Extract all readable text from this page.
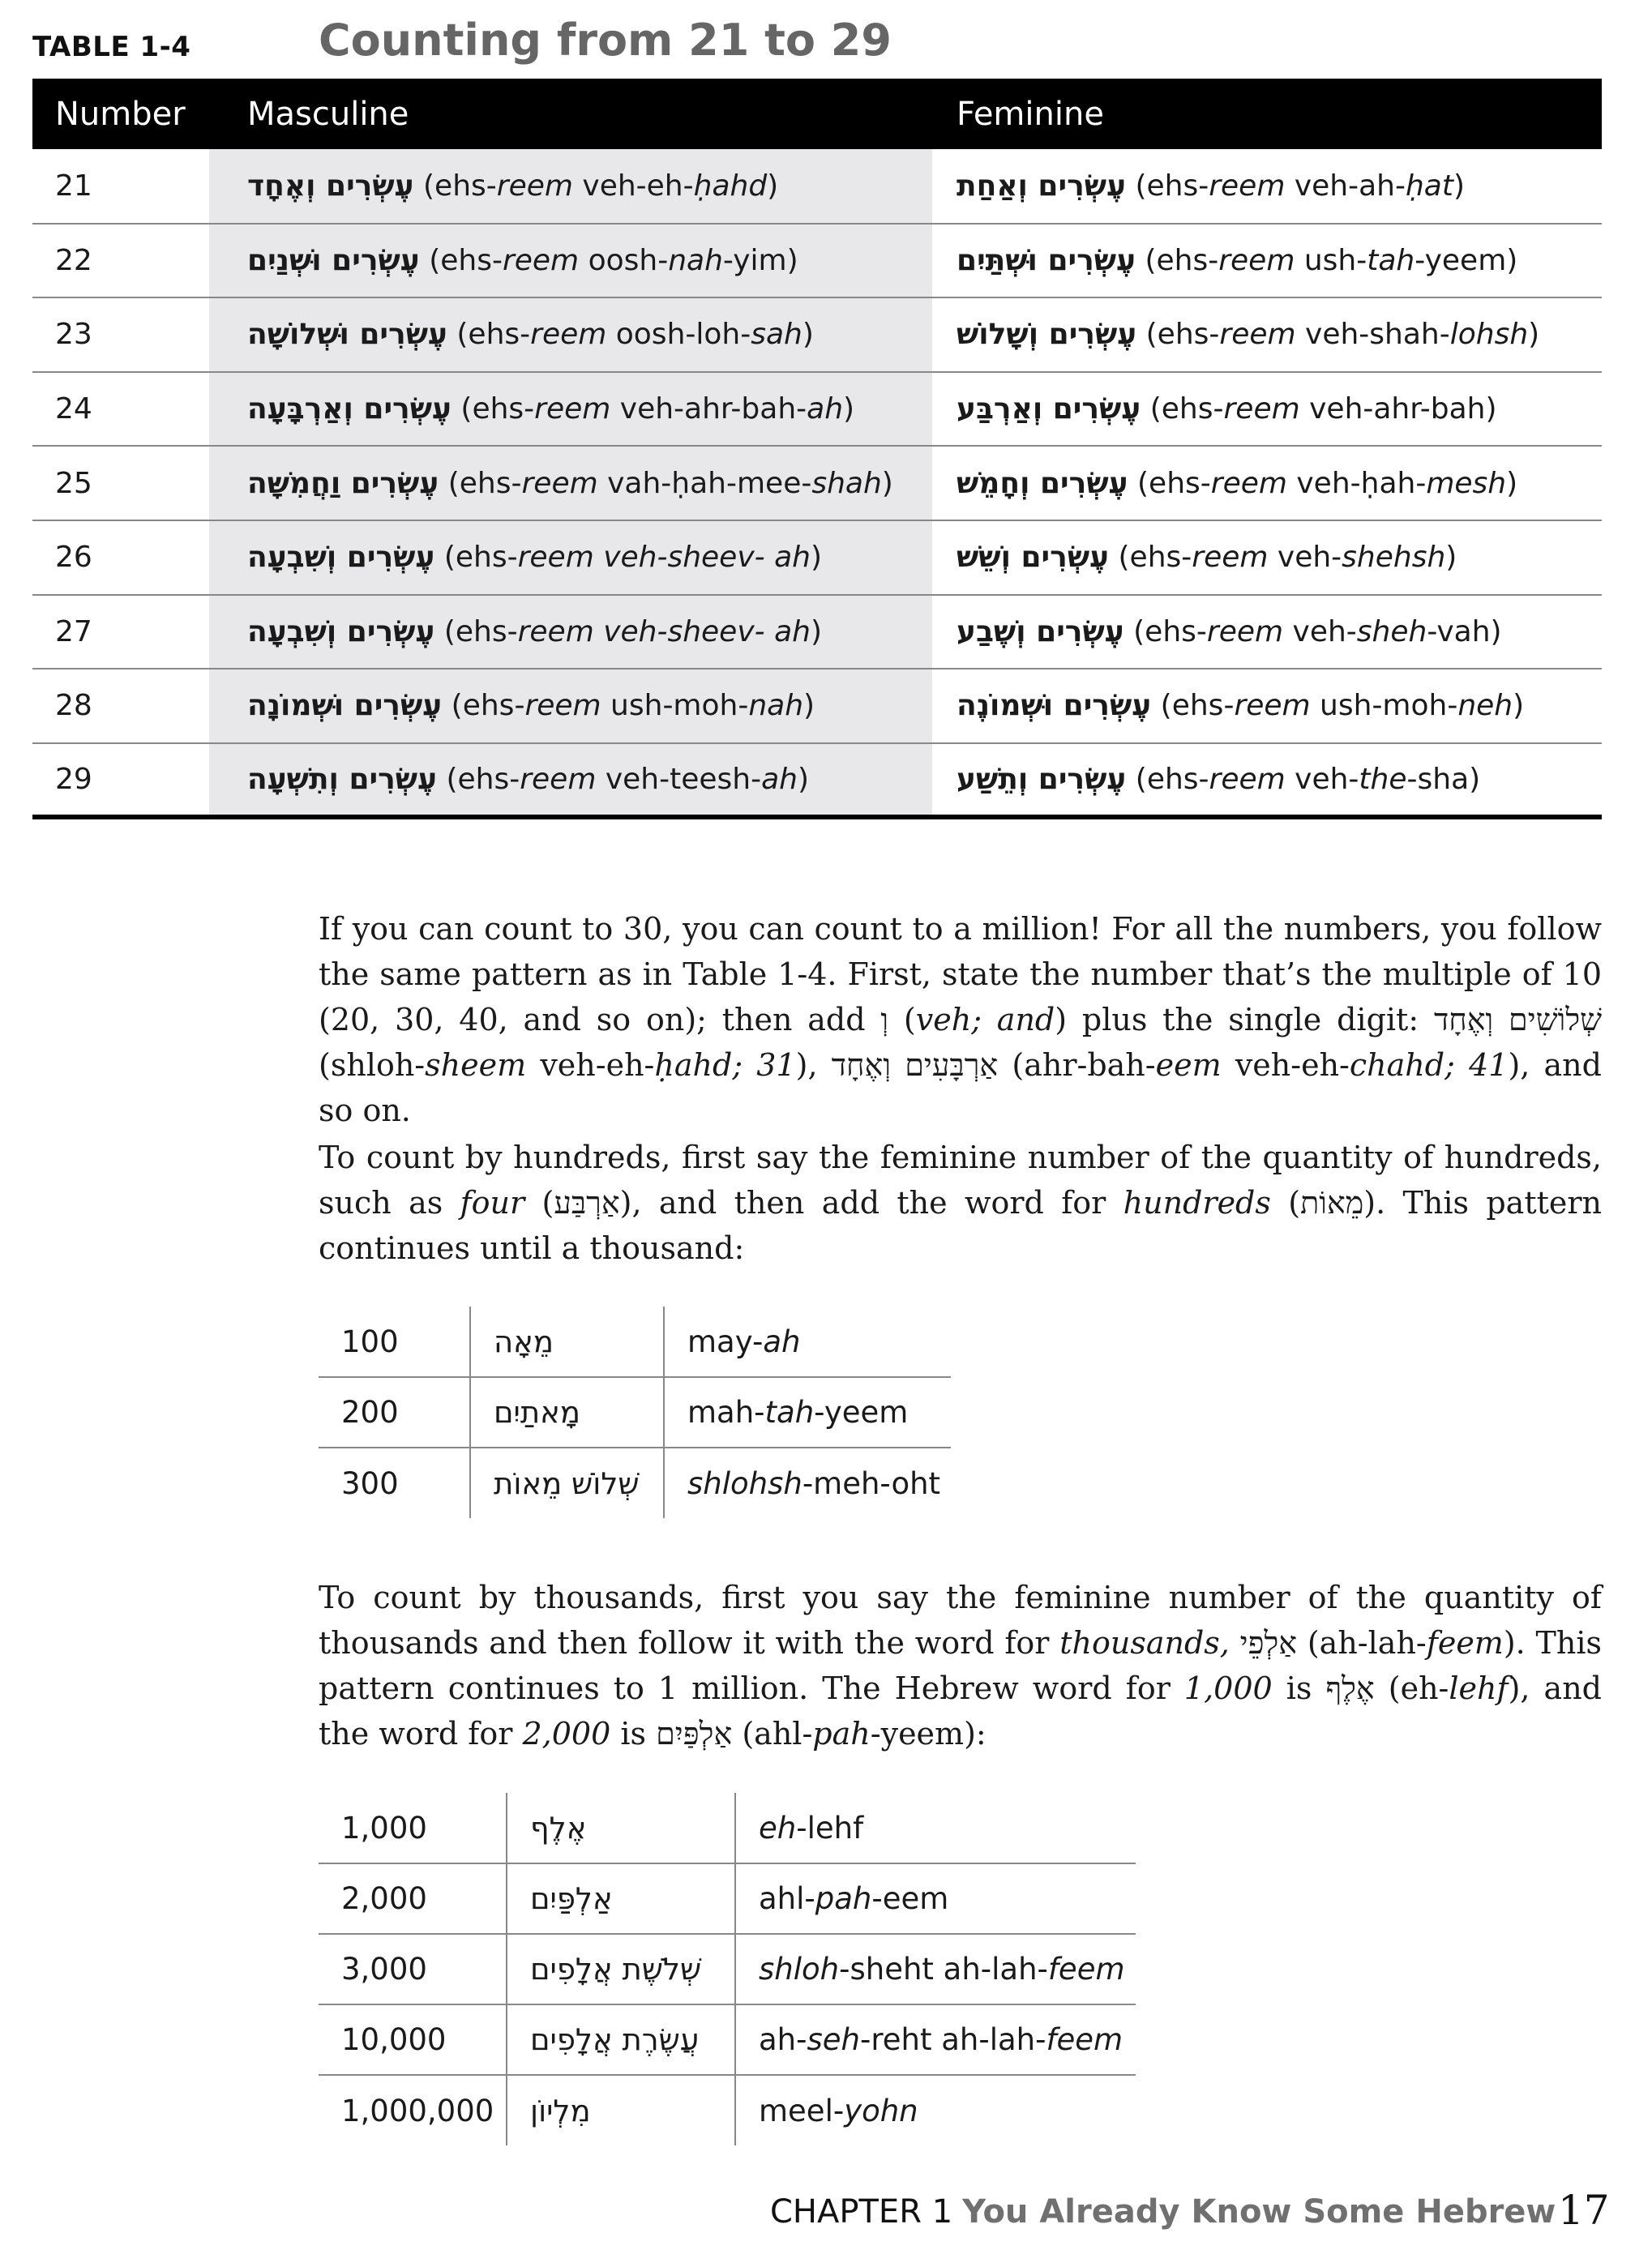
TABLE 1-4	Counting from 21 to 29
Number	Masculine	Feminine
21	עֶשְׂרִים וְאֶחָד (ehs-reem veh-eh-ḥahd)	עֶשְׂרִים וְאַחַת (ehs-reem veh-ah-ḥat)
22	עֶשְׂרִים וּשְׁנַיִם (ehs-reem oosh-nah-yim)	עֶשְׂרִים וּשְׁתַּיִם (ehs-reem ush-tah-yeem)
23	עֶשְׂרִים וּשְׁלוֹשָׁה (ehs-reem oosh-loh-sah)	עֶשְׂרִים וְשָׁלוֹשׁ (ehs-reem veh-shah-lohsh)
24	עֶשְׂרִים וְאַרְבָּעָה (ehs-reem veh-ahr-bah-ah)	עֶשְׂרִים וְאַרְבַּע (ehs-reem veh-ahr-bah)
25	עֶשְׂרִים וַחֲמִשָּׁה (ehs-reem vah-ḥah-mee-shah)	עֶשְׂרִים וְחָמֵשׁ (ehs-reem veh-ḥah-mesh)
26	עֶשְׂרִים וְשִׁבְעָה (ehs-reem veh-sheev- ah)	עֶשְׂרִים וְשֵׁשׁ (ehs-reem veh-shehsh)
27	עֶשְׂרִים וְשִׁבְעָה (ehs-reem veh-sheev- ah)	עֶשְׂרִים וְשֶׁבַע (ehs-reem veh-sheh-vah)
28	עֶשְׂרִים וּשְׁמוֹנָה (ehs-reem ush-moh-nah)	עֶשְׂרִים וּשְׁמוֹנֶה (ehs-reem ush-moh-neh)
29	עֶשְׂרִים וְתִשְׁעָה (ehs-reem veh-teesh-ah)	עֶשְׂרִים וְתֵשַׁע (ehs-reem veh-the-sha)

If you can count to 30, you can count to a million! For all the numbers, you follow the same pattern as in Table 1-4. First, state the number that’s the multiple of 10 (20, 30, 40, and so on); then add וְ (veh; and) plus the single digit: שְׁלוֹשִׁים וְאֶחָד (shloh-sheem veh-eh-ḥahd; 31), אַרְבָּעִים וְאֶחָד (ahr-bah-eem veh-eh-chahd; 41), and so on.

To count by hundreds, first say the feminine number of the quantity of hundreds, such as four (אַרְבַּע), and then add the word for hundreds (מֵאוֹת). This pattern continues until a thousand:

100	מֵאָה	may-ah
200	מָאתַיִם	mah-tah-yeem
300	שְׁלוֹשׁ מֵאוֹת	shlohsh-meh-oht

To count by thousands, first you say the feminine number of the quantity of thousands and then follow it with the word for thousands, אַלְפֵי (ah-lah-feem). This pattern continues to 1 million. The Hebrew word for 1,000 is אֶלֶף (eh-lehf), and the word for 2,000 is אַלְפַּיִם (ahl-pah-yeem):

1,000	אֶלֶף	eh-lehf
2,000	אַלְפַּיִם	ahl-pah-eem
3,000	שְׁלֹשֶׁת אֲלָפִים	shloh-sheht ah-lah-feem
10,000	עֲשֶׂרֶת אֲלָפִים	ah-seh-reht ah-lah-feem
1,000,000	מִלְיוֹן	meel-yohn
CHAPTER 1 You Already Know Some Hebrew 17
